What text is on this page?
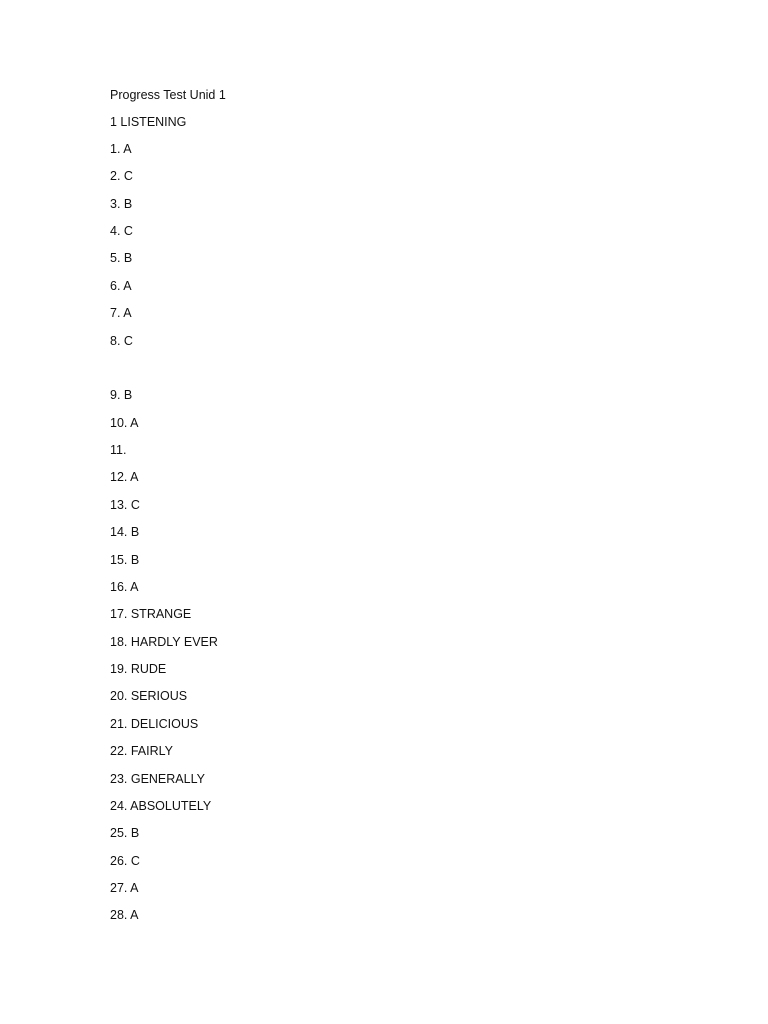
Progress Test Unid 1
1 LISTENING
1. A
2. C
3. B
4. C
5. B
6. A
7. A
8. C
9. B
10. A
11.
12. A
13. C
14. B
15. B
16. A
17. STRANGE
18. HARDLY EVER
19. RUDE
20. SERIOUS
21. DELICIOUS
22. FAIRLY
23. GENERALLY
24. ABSOLUTELY
25. B
26. C
27. A
28. A
